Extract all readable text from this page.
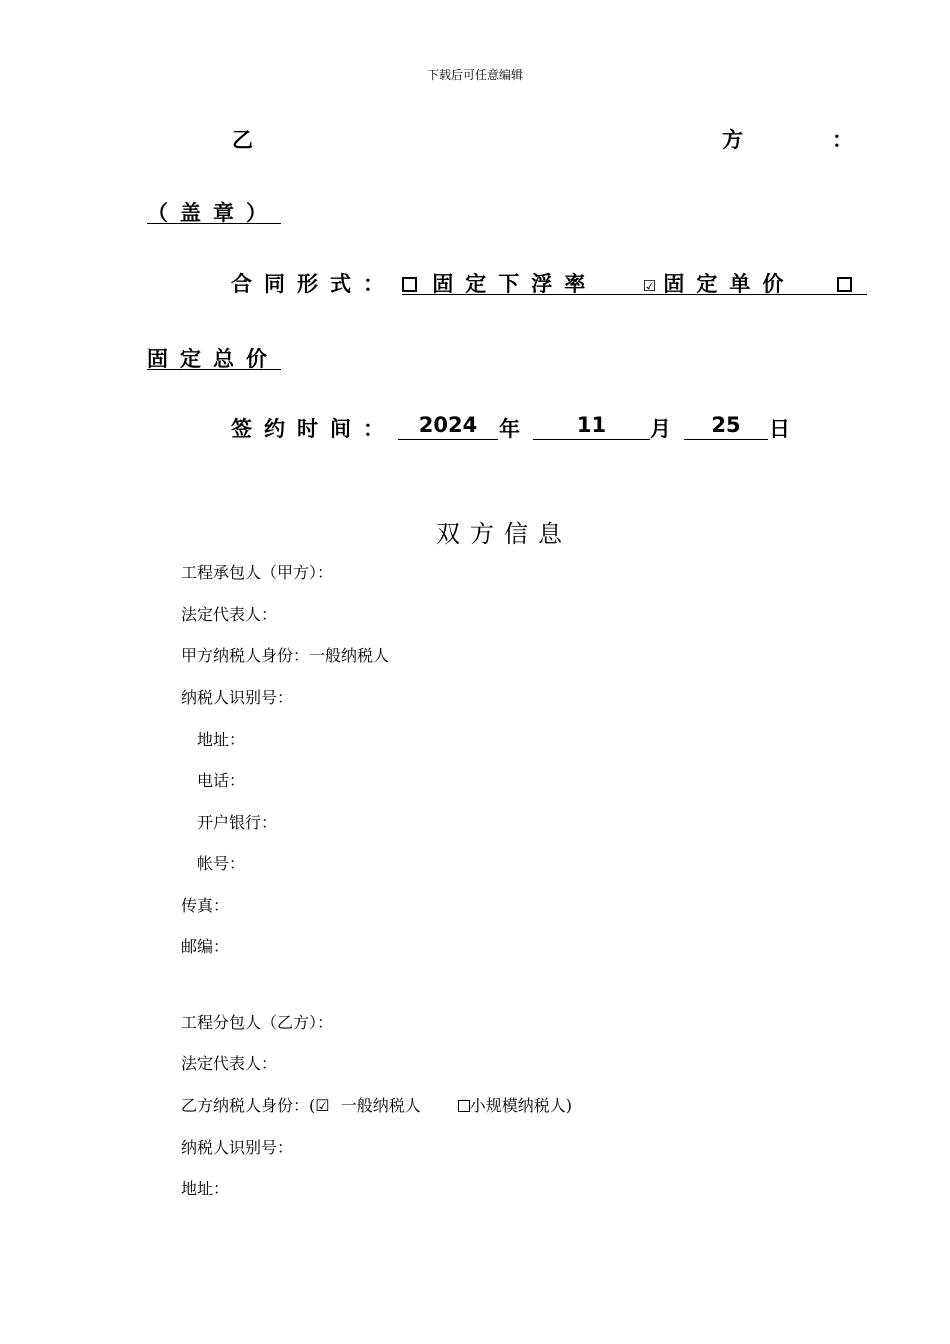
下载后可任意编辑
乙	方	：
（盖章）
合同形式：	固定下浮率	☑ 固定单价
固定总价
签约时间：	2024	年	11	月	25	日
双方信息
工程承包人（甲方）：
法定代表人：
甲方纳税人身份：一般纳税人
纳税人识别号：
地址：
电话：
开户银行：
帐号：
传真：
邮编：
工程分包人（乙方）：
法定代表人：
乙方纳税人身份：(☑ 一般纳税人	小规模纳税人)
纳税人识别号：
地址：
